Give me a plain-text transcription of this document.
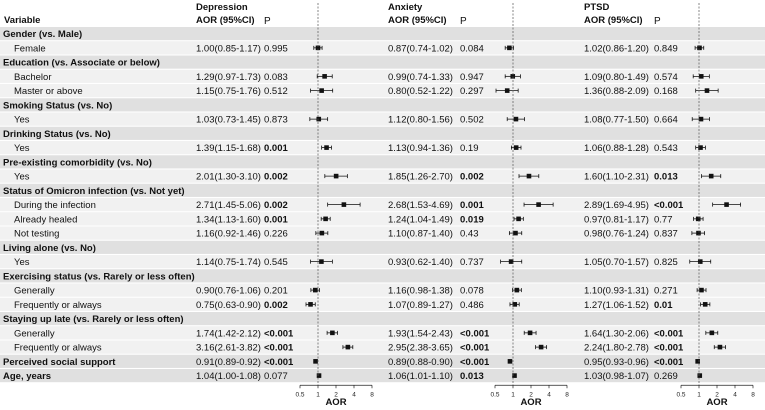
Variable
Depression
AOR (95%CI) P
Anxiety
AOR (95%CI) P
PTSD
AOR (95%CI) P
Gender (vs. Male)
Female	1.00(0.85-1.17) 0.995	0.87(0.74-1.02) 0.084	1.02(0.86-1.20) 0.849
Education (vs. Associate or below)
Bachelor	1.29(0.97-1.73) 0.083	0.99(0.74-1.33) 0.947	1.09(0.80-1.49) 0.574
Master or above	1.15(0.75-1.76) 0.512	0.80(0.52-1.22) 0.297	1.36(0.88-2.09) 0.168
Smoking Status (vs. No)
Yes	1.03(0.73-1.45) 0.873	1.12(0.80-1.56) 0.502	1.08(0.77-1.50) 0.664
Drinking Status (vs. No)
Yes	1.39(1.15-1.68) 0.001	1.13(0.94-1.36) 0.19	1.06(0.88-1.28) 0.543
Pre-existing comorbidity (vs. No)
Yes	2.01(1.30-3.10) 0.002	1.85(1.26-2.70) 0.002	1.60(1.10-2.31) 0.013
Status of Omicron infection (vs. Not yet)
During the infection	2.71(1.45-5.06) 0.002	2.68(1.53-4.69) 0.001	2.89(1.69-4.95) <0.001
Already healed	1.34(1.13-1.60) 0.001	1.24(1.04-1.49) 0.019	0.97(0.81-1.17) 0.77
Not testing	1.16(0.92-1.46) 0.226	1.10(0.87-1.40) 0.43	0.98(0.76-1.24) 0.837
Living alone (vs. No)
Yes	1.14(0.75-1.74) 0.545	0.93(0.62-1.40) 0.737	1.05(0.70-1.57) 0.825
Exercising status (vs. Rarely or less often)
Generally	0.90(0.76-1.06) 0.201	1.16(0.98-1.38) 0.078	1.10(0.93-1.31) 0.271
Frequently or always	0.75(0.63-0.90) 0.002	1.07(0.89-1.27) 0.486	1.27(1.06-1.52) 0.01
Staying up late (vs. Rarely or less often)
Generally	1.74(1.42-2.12) <0.001	1.93(1.54-2.43) <0.001	1.64(1.30-2.06) <0.001
Frequently or always	3.16(2.61-3.82) <0.001	2.95(2.38-3.65) <0.001	2.24(1.80-2.78) <0.001
Perceived social support	0.91(0.89-0.92) <0.001	0.89(0.88-0.90) <0.001	0.95(0.93-0.96) <0.001
Age, years	1.04(1.00-1.08) 0.077	1.06(1.01-1.10) 0.013	1.03(0.98-1.07) 0.269
0.5 1 2 4 8
AOR
0.5 1 2 4 8
AOR
0.5 1 2 4 8
AOR
